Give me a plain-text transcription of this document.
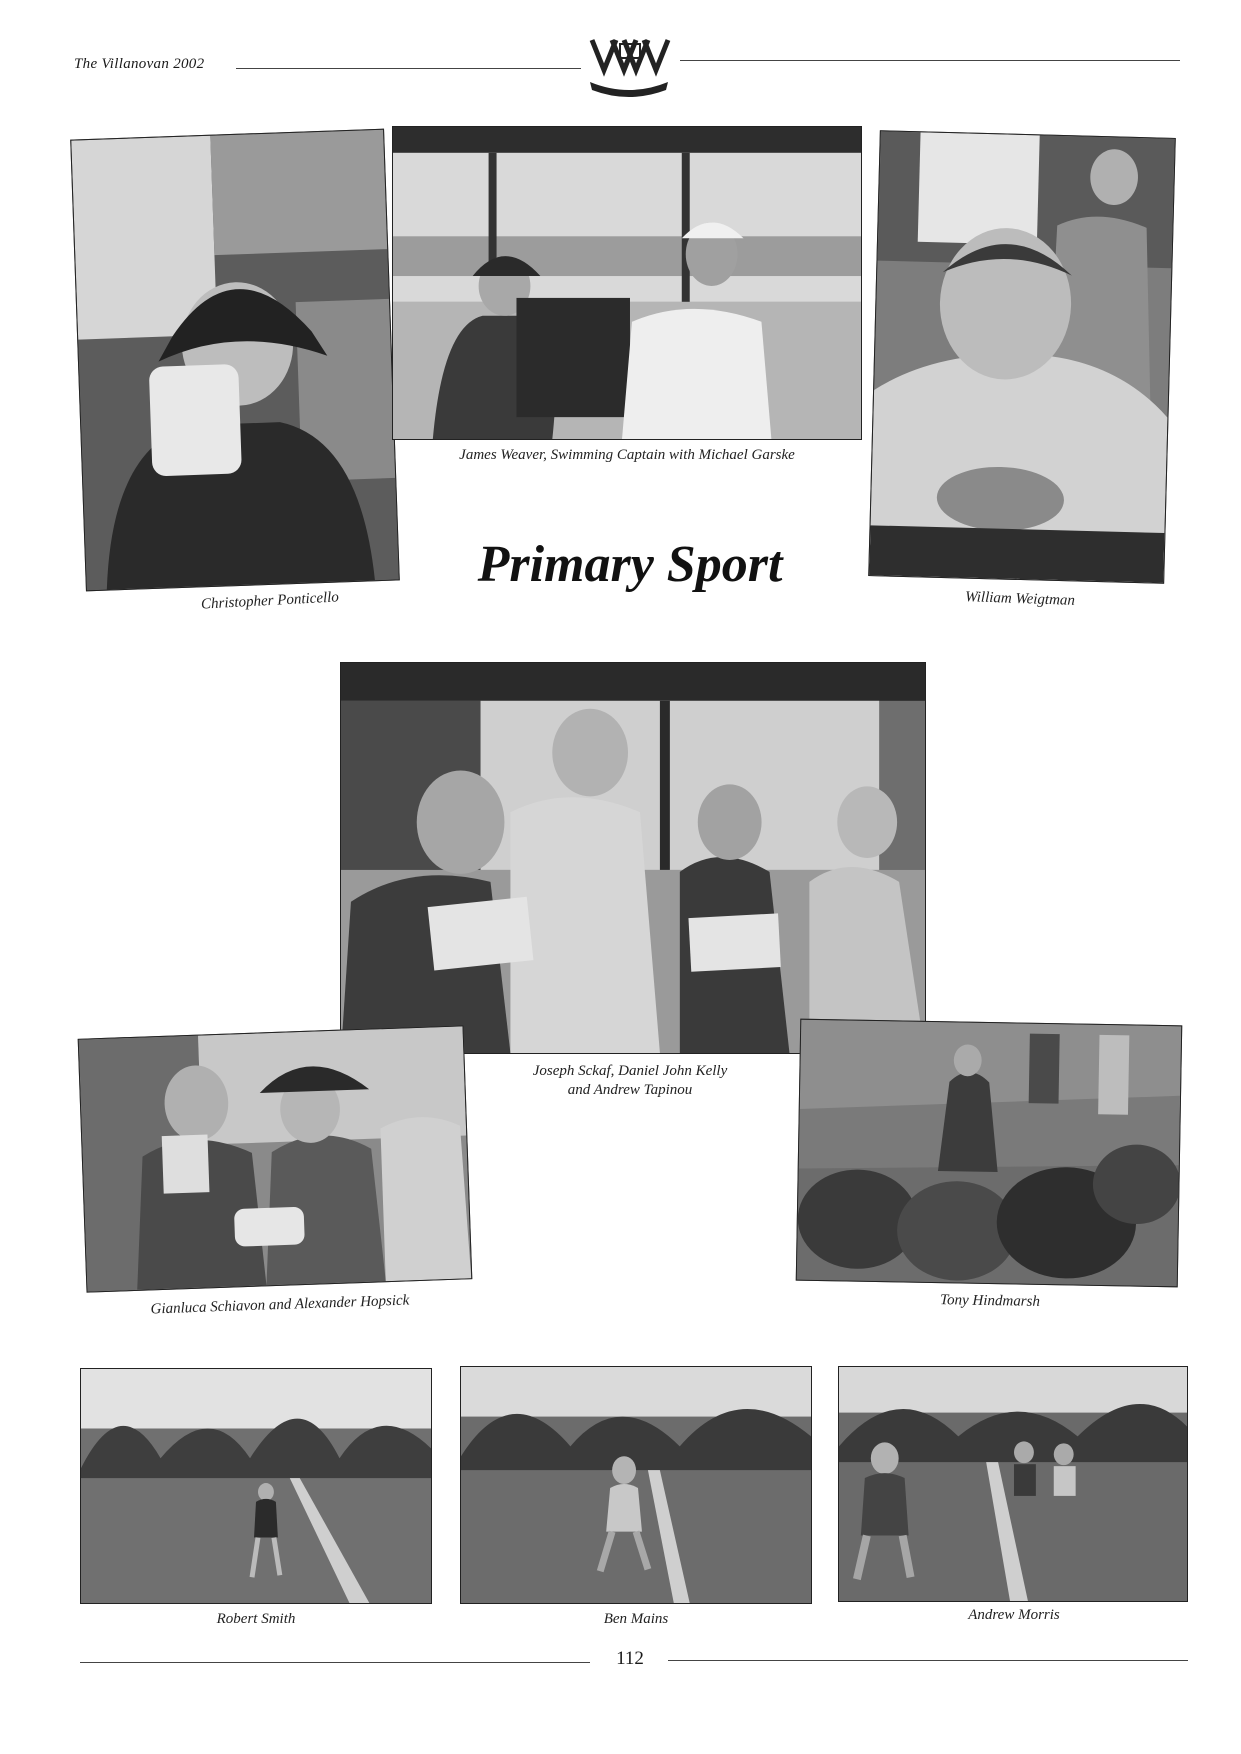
The Villanovan 2002
Christopher Ponticello
James Weaver, Swimming Captain with Michael Garske
William Weigtman
Primary Sport
Joseph Sckaf, Daniel John Kelly
and Andrew Tapinou
Gianluca Schiavon and Alexander Hopsick	Tony Hindmarsh
Robert Smith	Ben Mains	Andrew Morris
112
